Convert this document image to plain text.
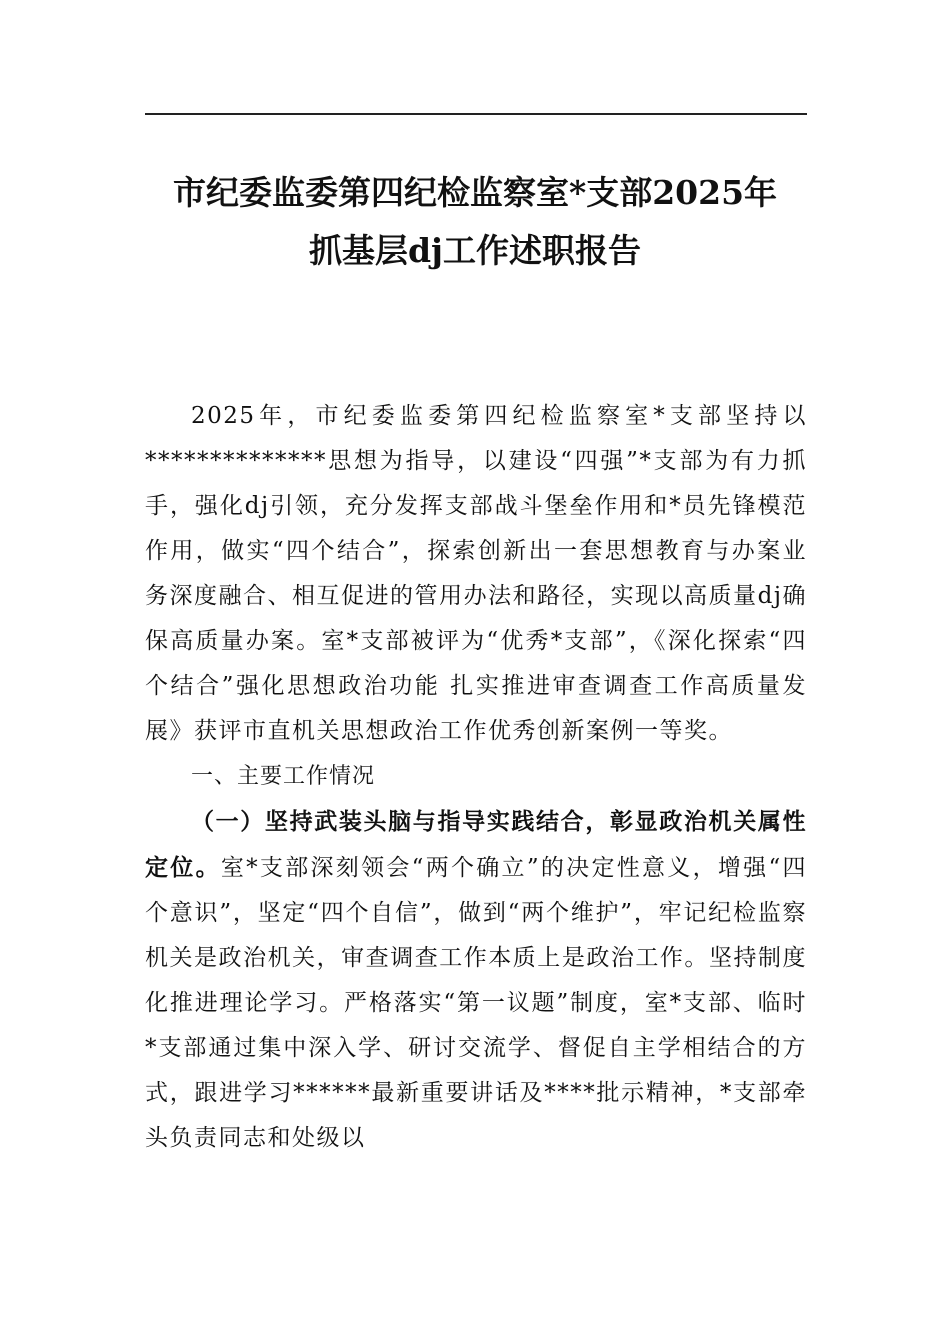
市纪委监委第四纪检监察室*支部2025年
抓基层dj工作述职报告

2025年，市纪委监委第四纪检监察室*支部坚持以**************思想为指导，以建设“四强”*支部为有力抓手，强化dj引领，充分发挥支部战斗堡垒作用和*员先锋模范作用，做实“四个结合”，探索创新出一套思想教育与办案业务深度融合、相互促进的管用办法和路径，实现以高质量dj确保高质量办案。室*支部被评为“优秀*支部”，《深化探索“四个结合”强化思想政治功能 扎实推进审查调查工作高质量发展》获评市直机关思想政治工作优秀创新案例一等奖。

一、主要工作情况

（一）坚持武装头脑与指导实践结合，彰显政治机关属性定位。室*支部深刻领会“两个确立”的决定性意义，增强“四个意识”，坚定“四个自信”，做到“两个维护”，牢记纪检监察机关是政治机关，审查调查工作本质上是政治工作。坚持制度化推进理论学习。严格落实“第一议题”制度，室*支部、临时*支部通过集中深入学、研讨交流学、督促自主学相结合的方式，跟进学习******最新重要讲话及****批示精神，*支部牵头负责同志和处级以
